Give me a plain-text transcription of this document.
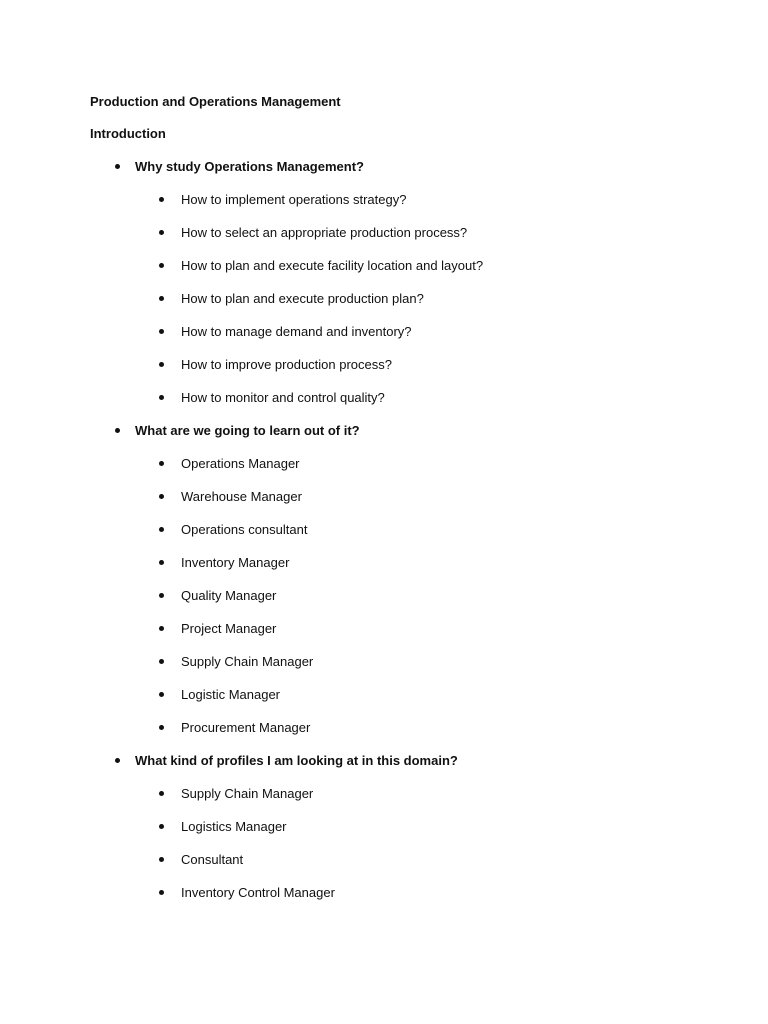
Production and Operations Management
Introduction
Why study Operations Management?
How to implement operations strategy?
How to select an appropriate production process?
How to plan and execute facility location and layout?
How to plan and execute production plan?
How to manage demand and inventory?
How to improve production process?
How to monitor and control quality?
What are we going to learn out of it?
Operations Manager
Warehouse Manager
Operations consultant
Inventory Manager
Quality Manager
Project Manager
Supply Chain Manager
Logistic Manager
Procurement Manager
What kind of profiles I am looking at in this domain?
Supply Chain Manager
Logistics Manager
Consultant
Inventory Control Manager
